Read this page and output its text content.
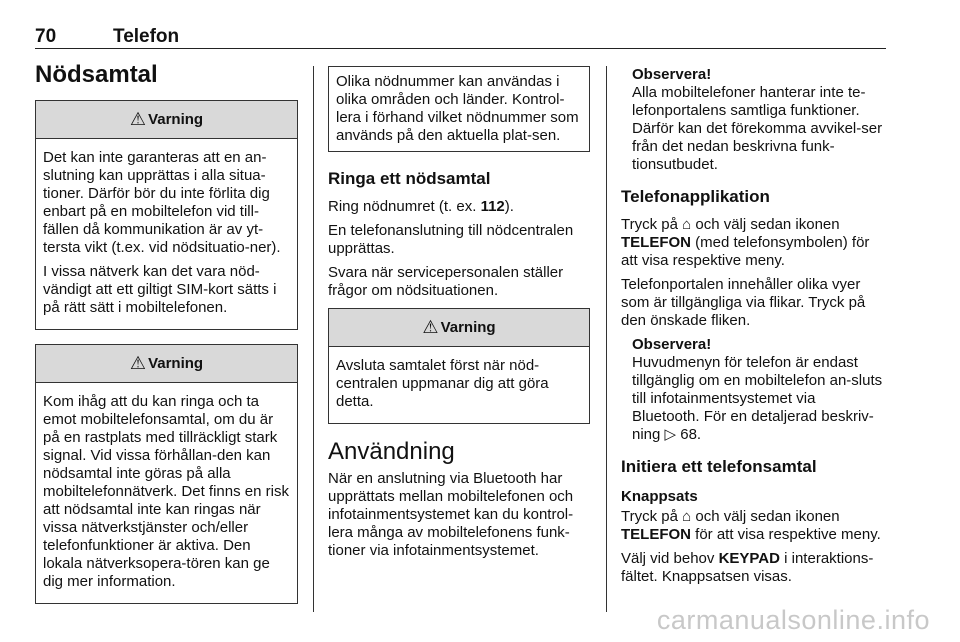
70	Telefon
Nödsamtal
⚠ Varning

Det kan inte garanteras att en an-slutning kan upprättas i alla situa-tioner. Därför bör du inte förlita dig enbart på en mobiltelefon vid till-fällen då kommunikation är av yt-tersta vikt (t.ex. vid nödsituatio-ner).

I vissa nätverk kan det vara nöd-vändigt att ett giltigt SIM-kort sätts i på rätt sätt i mobiltelefonen.

⚠ Varning

Kom ihåg att du kan ringa och ta emot mobiltelefonsamtal, om du är på en rastplats med tillräckligt stark signal. Vid vissa förhållan-den kan nödsamtal inte göras på alla mobiltelefonnätverk. Det finns en risk att nödsamtal inte kan ringas när vissa nätverkstjänster och/eller telefonfunktioner är aktiva. Den lokala nätverksopera-tören kan ge dig mer information.

Olika nödnummer kan användas i olika områden och länder. Kontrol-lera i förhand vilket nödnummer som används på den aktuella plat-sen.

Ringa ett nödsamtal

Ring nödnumret (t. ex. 112).

En telefonanslutning till nödcentralen upprättas.

Svara när servicepersonalen ställer frågor om nödsituationen.

⚠ Varning

Avsluta samtalet först när nöd-centralen uppmanar dig att göra detta.

Användning

När en anslutning via Bluetooth har upprättats mellan mobiltelefonen och infotainmentsystemet kan du kontrol-lera många av mobiltelefonens funk-tioner via infotainmentsystemet.

Observera!

Alla mobiltelefoner hanterar inte te-lefonportalens samtliga funktioner. Därför kan det förekomma avvikel-ser från det nedan beskrivna funk-tionsutbudet.

Telefonapplikation

Tryck på ⌂ och välj sedan ikonen TELEFON (med telefonsymbolen) för att visa respektive meny.

Telefonportalen innehåller olika vyer som är tillgängliga via flikar. Tryck på den önskade fliken.

Observera!

Huvudmenyn för telefon är endast tillgänglig om en mobiltelefon an-sluts till infotainmentsystemet via Bluetooth. För en detaljerad beskriv-ning ▷ 68.

Initiera ett telefonsamtal
Knappsats

Tryck på ⌂ och välj sedan ikonen TELEFON för att visa respektive meny.

Välj vid behov KEYPAD i interaktions-fältet. Knappsatsen visas.

carmanualsonline.info
